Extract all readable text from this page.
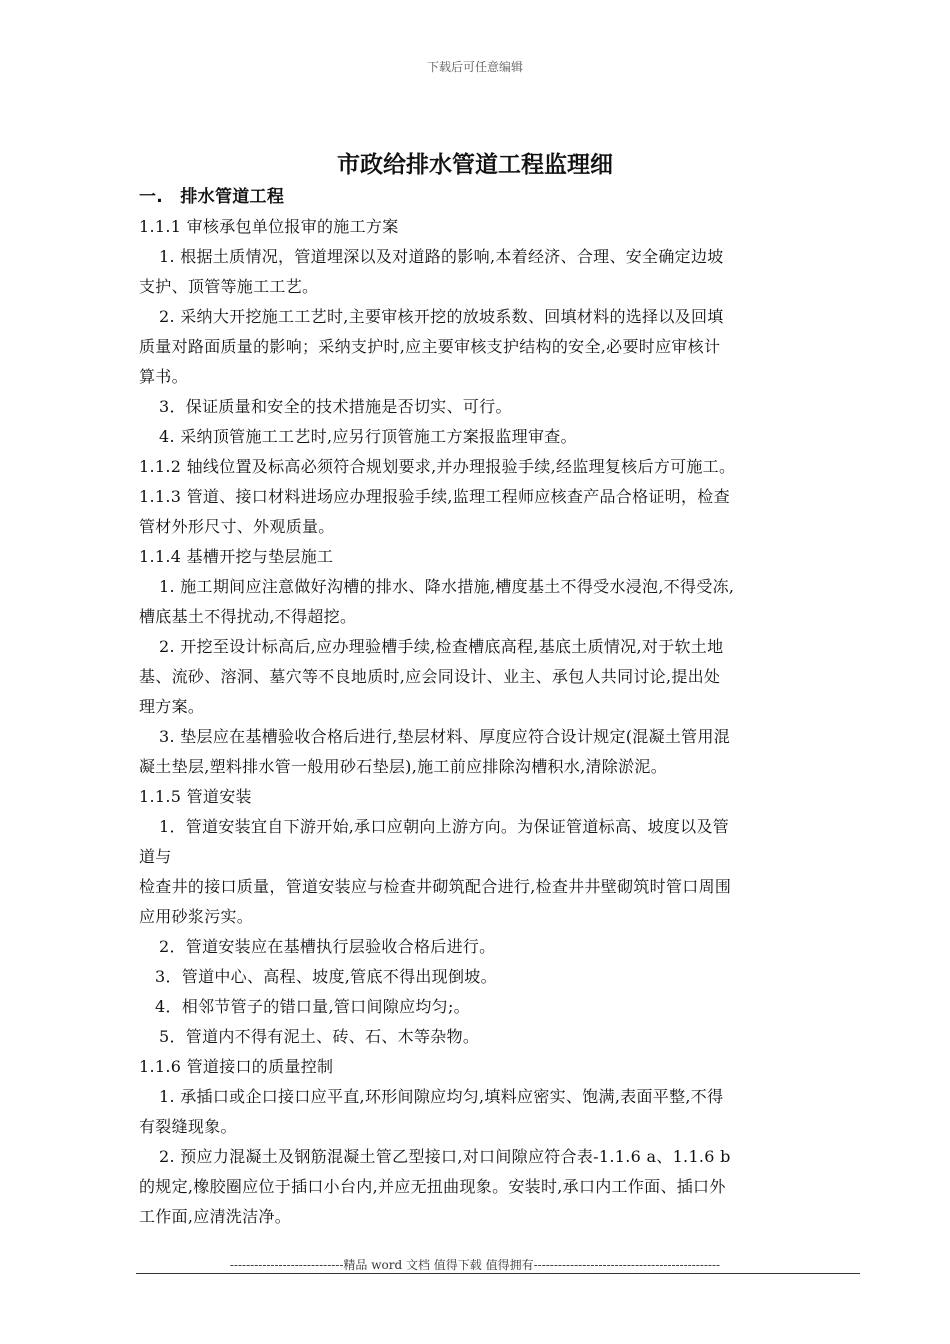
下载后可任意编辑
市政给排水管道工程监理细
一.　排水管道工程
1.1.1 审核承包单位报审的施工方案
1. 根据土质情况，管道埋深以及对道路的影响,本着经济、合理、安全确定边坡
支护、顶管等施工工艺。
2. 采纳大开挖施工工艺时,主要审核开挖的放坡系数、回填材料的选择以及回填
质量对路面质量的影响；采纳支护时,应主要审核支护结构的安全,必要时应审核计
算书。
3．保证质量和安全的技术措施是否切实、可行。
4. 采纳顶管施工工艺时,应另行顶管施工方案报监理审查。
1.1.2 轴线位置及标高必须符合规划要求,并办理报验手续,经监理复核后方可施工。
1.1.3 管道、接口材料进场应办理报验手续,监理工程师应核查产品合格证明，检查
管材外形尺寸、外观质量。
1.1.4 基槽开挖与垫层施工
1. 施工期间应注意做好沟槽的排水、降水措施,槽度基土不得受水浸泡,不得受冻,
槽底基土不得扰动,不得超挖。
2. 开挖至设计标高后,应办理验槽手续,检查槽底高程,基底土质情况,对于软土地
基、流砂、溶洞、墓穴等不良地质时,应会同设计、业主、承包人共同讨论,提出处
理方案。
3. 垫层应在基槽验收合格后进行,垫层材料、厚度应符合设计规定(混凝土管用混
凝土垫层,塑料排水管一般用砂石垫层),施工前应排除沟槽积水,清除淤泥。
1.1.5 管道安装
1．管道安装宜自下游开始,承口应朝向上游方向。为保证管道标高、坡度以及管
道与
检查井的接口质量，管道安装应与检查井砌筑配合进行,检查井井壁砌筑时管口周围
应用砂浆污实。
2．管道安装应在基槽执行层验收合格后进行。
3．管道中心、高程、坡度,管底不得出现倒坡。
4．相邻节管子的错口量,管口间隙应均匀;。
5．管道内不得有泥土、砖、石、木等杂物。
1.1.6 管道接口的质量控制
1. 承插口或企口接口应平直,环形间隙应均匀,填料应密实、饱满,表面平整,不得
有裂缝现象。
2. 预应力混凝土及钢筋混凝土管乙型接口,对口间隙应符合表-1.1.6 a、1.1.6 b
的规定,橡胶圈应位于插口小台内,并应无扭曲现象。安装时,承口内工作面、插口外
工作面,应清洗洁净。
----------------------------精品 word 文档 值得下载 值得拥有----------------------------------------------
